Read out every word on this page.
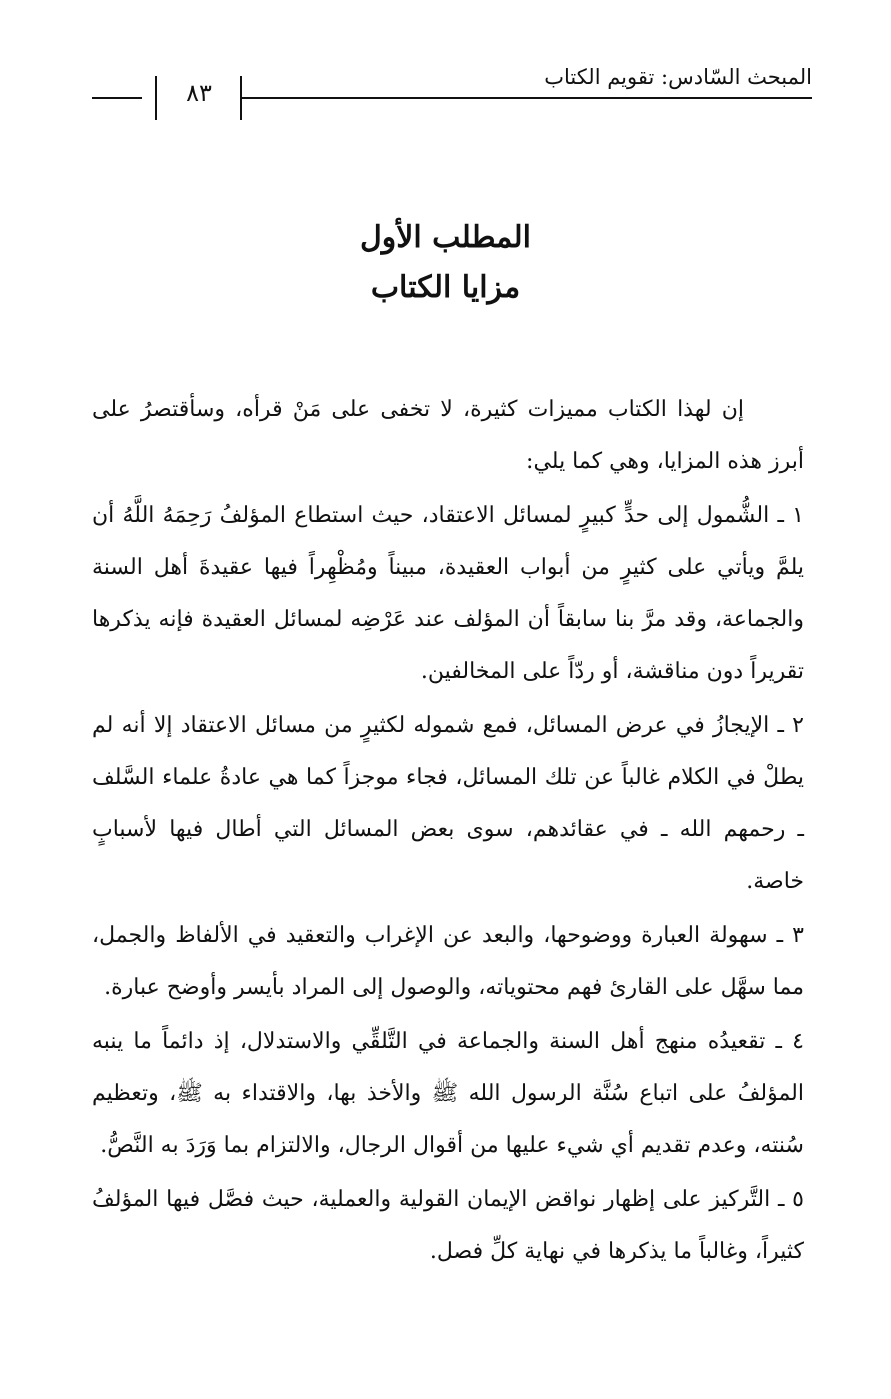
المبحث السّادس: تقويم الكتاب
٨٣
المطلب الأول
مزايا الكتاب

إن لهذا الكتاب مميزات كثيرة، لا تخفى على مَنْ قرأه، وسأقتصرُ على أبرز هذه المزايا، وهي كما يلي:

١ ـ الشُّمول إلى حدٍّ كبيرٍ لمسائل الاعتقاد، حيث استطاع المؤلفُ رَحِمَهُ اللَّهُ أن يلمَّ ويأتي على كثيرٍ من أبواب العقيدة، مبيناً ومُظْهِراً فيها عقيدةَ أهل السنة والجماعة، وقد مرَّ بنا سابقاً أن المؤلف عند عَرْضِه لمسائل العقيدة فإنه يذكرها تقريراً دون مناقشة، أو ردّاً على المخالفين.

٢ ـ الإيجازُ في عرض المسائل، فمع شموله لكثيرٍ من مسائل الاعتقاد إلا أنه لم يطلْ في الكلام غالباً عن تلك المسائل، فجاء موجزاً كما هي عادةُ علماء السَّلف ـ رحمهم الله ـ في عقائدهم، سوى بعض المسائل التي أطال فيها لأسبابٍ خاصة.

٣ ـ سهولة العبارة ووضوحها، والبعد عن الإغراب والتعقيد في الألفاظ والجمل، مما سهَّل على القارئ فهم محتوياته، والوصول إلى المراد بأيسر وأوضح عبارة.

٤ ـ تقعيدُه منهج أهل السنة والجماعة في التَّلقِّي والاستدلال، إذ دائماً ما ينبه المؤلفُ على اتباع سُنَّة الرسول الله ﷺ والأخذ بها، والاقتداء به ﷺ، وتعظيم سُنته، وعدم تقديم أي شيء عليها من أقوال الرجال، والالتزام بما وَرَدَ به النَّصُّ.

٥ ـ التَّركيز على إظهار نواقض الإيمان القولية والعملية، حيث فصَّل فيها المؤلفُ كثيراً، وغالباً ما يذكرها في نهاية كلِّ فصل.
